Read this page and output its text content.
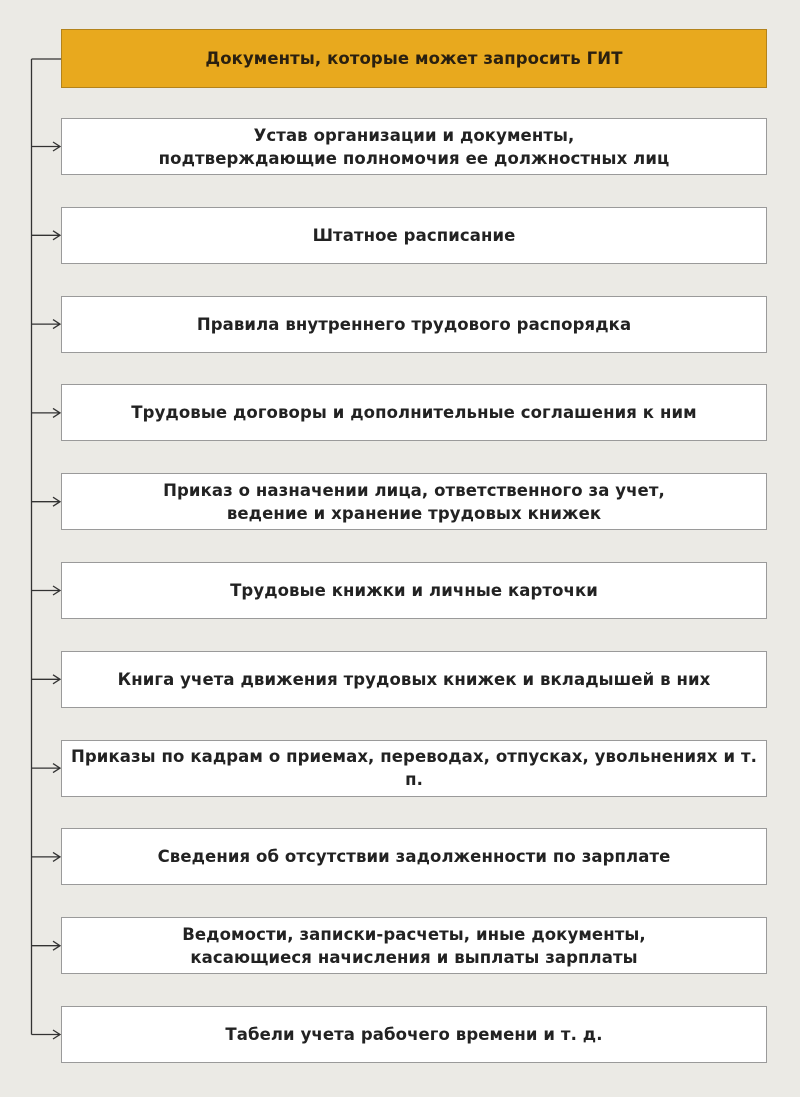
Документы, которые может запросить ГИТ
Устав организации и документы,
подтверждающие полномочия ее должностных лиц
Штатное расписание
Правила внутреннего трудового распорядка
Трудовые договоры и дополнительные соглашения к ним
Приказ о назначении лица, ответственного за учет,
ведение и хранение трудовых книжек
Трудовые книжки и личные карточки
Книга учета движения трудовых книжек и вкладышей в них
Приказы по кадрам о приемах, переводах, отпусках, увольнениях и т. п.
Сведения об отсутствии задолженности по зарплате
Ведомости, записки-расчеты, иные документы,
касающиеся начисления и выплаты зарплаты
Табели учета рабочего времени и т. д.
